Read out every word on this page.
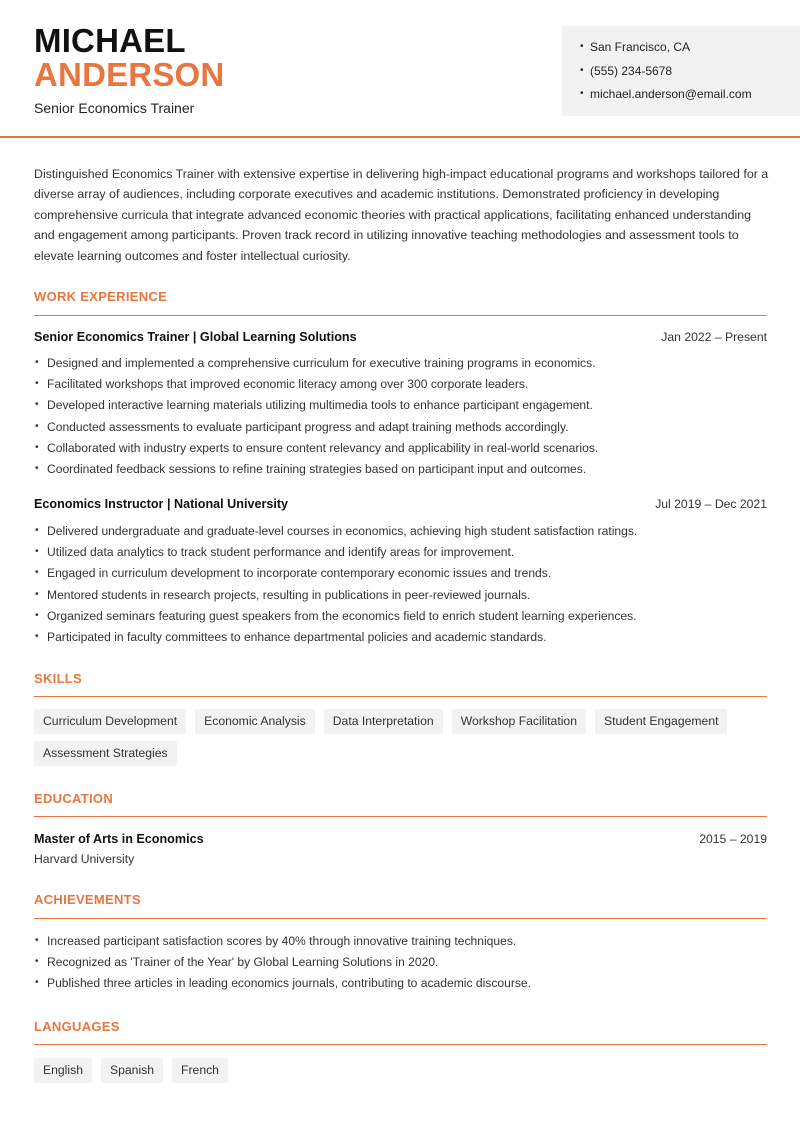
MICHAEL
ANDERSON
Senior Economics Trainer
• San Francisco, CA
• (555) 234-5678
• michael.anderson@email.com

Distinguished Economics Trainer with extensive expertise in delivering high-impact educational programs and workshops tailored for a diverse array of audiences, including corporate executives and academic institutions. Demonstrated proficiency in developing comprehensive curricula that integrate advanced economic theories with practical applications, facilitating enhanced understanding and engagement among participants. Proven track record in utilizing innovative teaching methodologies and assessment tools to elevate learning outcomes and foster intellectual curiosity.

WORK EXPERIENCE
Senior Economics Trainer | Global Learning Solutions	Jan 2022 – Present
• Designed and implemented a comprehensive curriculum for executive training programs in economics.
• Facilitated workshops that improved economic literacy among over 300 corporate leaders.
• Developed interactive learning materials utilizing multimedia tools to enhance participant engagement.
• Conducted assessments to evaluate participant progress and adapt training methods accordingly.
• Collaborated with industry experts to ensure content relevancy and applicability in real-world scenarios.
• Coordinated feedback sessions to refine training strategies based on participant input and outcomes.
Economics Instructor | National University	Jul 2019 – Dec 2021
• Delivered undergraduate and graduate-level courses in economics, achieving high student satisfaction ratings.
• Utilized data analytics to track student performance and identify areas for improvement.
• Engaged in curriculum development to incorporate contemporary economic issues and trends.
• Mentored students in research projects, resulting in publications in peer-reviewed journals.
• Organized seminars featuring guest speakers from the economics field to enrich student learning experiences.
• Participated in faculty committees to enhance departmental policies and academic standards.
SKILLS
Curriculum Development	Economic Analysis	Data Interpretation	Workshop Facilitation	Student Engagement
Assessment Strategies
EDUCATION
Master of Arts in Economics	2015 – 2019
Harvard University
ACHIEVEMENTS
• Increased participant satisfaction scores by 40% through innovative training techniques.
• Recognized as 'Trainer of the Year' by Global Learning Solutions in 2020.
• Published three articles in leading economics journals, contributing to academic discourse.
LANGUAGES
English	Spanish	French
